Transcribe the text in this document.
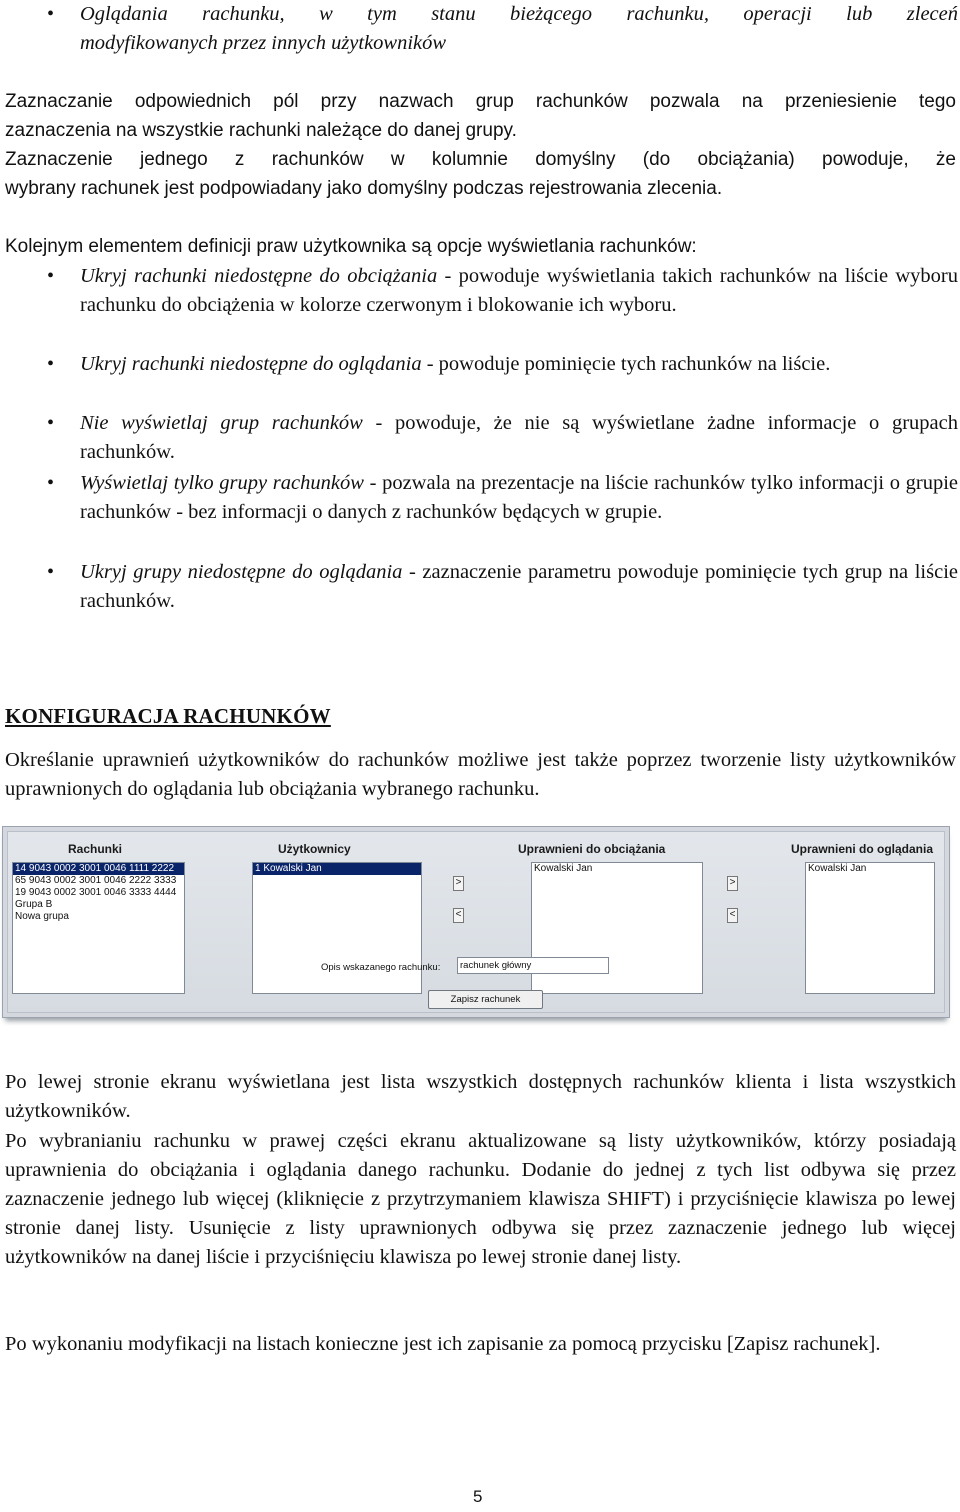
• Oglądania rachunku, w tym stanu bieżącego rachunku, operacji lub zleceń
modyfikowanych przez innych użytkowników
Zaznaczanie odpowiednich pól przy nazwach grup rachunków pozwala na przeniesienie tego
zaznaczenia na wszystkie rachunki należące do danej grupy.
Zaznaczenie jednego z rachunków w kolumnie domyślny (do obciążania) powoduje, że
wybrany rachunek jest podpowiadany jako domyślny podczas rejestrowania zlecenia.
Kolejnym elementem definicji praw użytkownika są opcje wyświetlania rachunków:
• Ukryj rachunki niedostępne do obciążania - powoduje wyświetlania takich rachunków na liście wyboru rachunku do obciążenia w kolorze czerwonym i blokowanie ich wyboru.
• Ukryj rachunki niedostępne do oglądania - powoduje pominięcie tych rachunków na liście.
• Nie wyświetlaj grup rachunków - powoduje, że nie są wyświetlane żadne informacje o grupach rachunków.
• Wyświetlaj tylko grupy rachunków - pozwala na prezentacje na liście rachunków tylko informacji o grupie rachunków - bez informacji o danych z rachunków będących w grupie.
• Ukryj grupy niedostępne do oglądania - zaznaczenie parametru powoduje pominięcie tych grup na liście rachunków.
KONFIGURACJA RACHUNKÓW
Określanie uprawnień użytkowników do rachunków możliwe jest także poprzez tworzenie listy użytkowników uprawnionych do oglądania lub obciążania wybranego rachunku.
Rachunki	Użytkownicy	Uprawnieni do obciążania	Uprawnieni do oglądania
14 9043 0002 3001 0046 1111 2222
65 9043 0002 3001 0046 2222 3333
19 9043 0002 3001 0046 3333 4444
Grupa B
Nowa grupa
1 Kowalski Jan
>
<
Kowalski Jan
>
<
Kowalski Jan
Opis wskazanego rachunku:	rachunek główny
Zapisz rachunek
Po lewej stronie ekranu wyświetlana jest lista wszystkich dostępnych rachunków klienta i lista wszystkich użytkowników.
Po wybranianiu rachunku w prawej części ekranu aktualizowane są listy użytkowników, którzy posiadają uprawnienia do obciążania i oglądania danego rachunku. Dodanie do jednej z tych list odbywa się przez zaznaczenie jednego lub więcej (kliknięcie z przytrzymaniem klawisza SHIFT) i przyciśnięcie klawisza po lewej stronie danej listy. Usunięcie z listy uprawnionych odbywa się przez zaznaczenie jednego lub więcej użytkowników na danej liście i przyciśnięciu klawisza po lewej stronie danej listy.
Po wykonaniu modyfikacji na listach konieczne jest ich zapisanie za pomocą przycisku [Zapisz rachunek].
5
